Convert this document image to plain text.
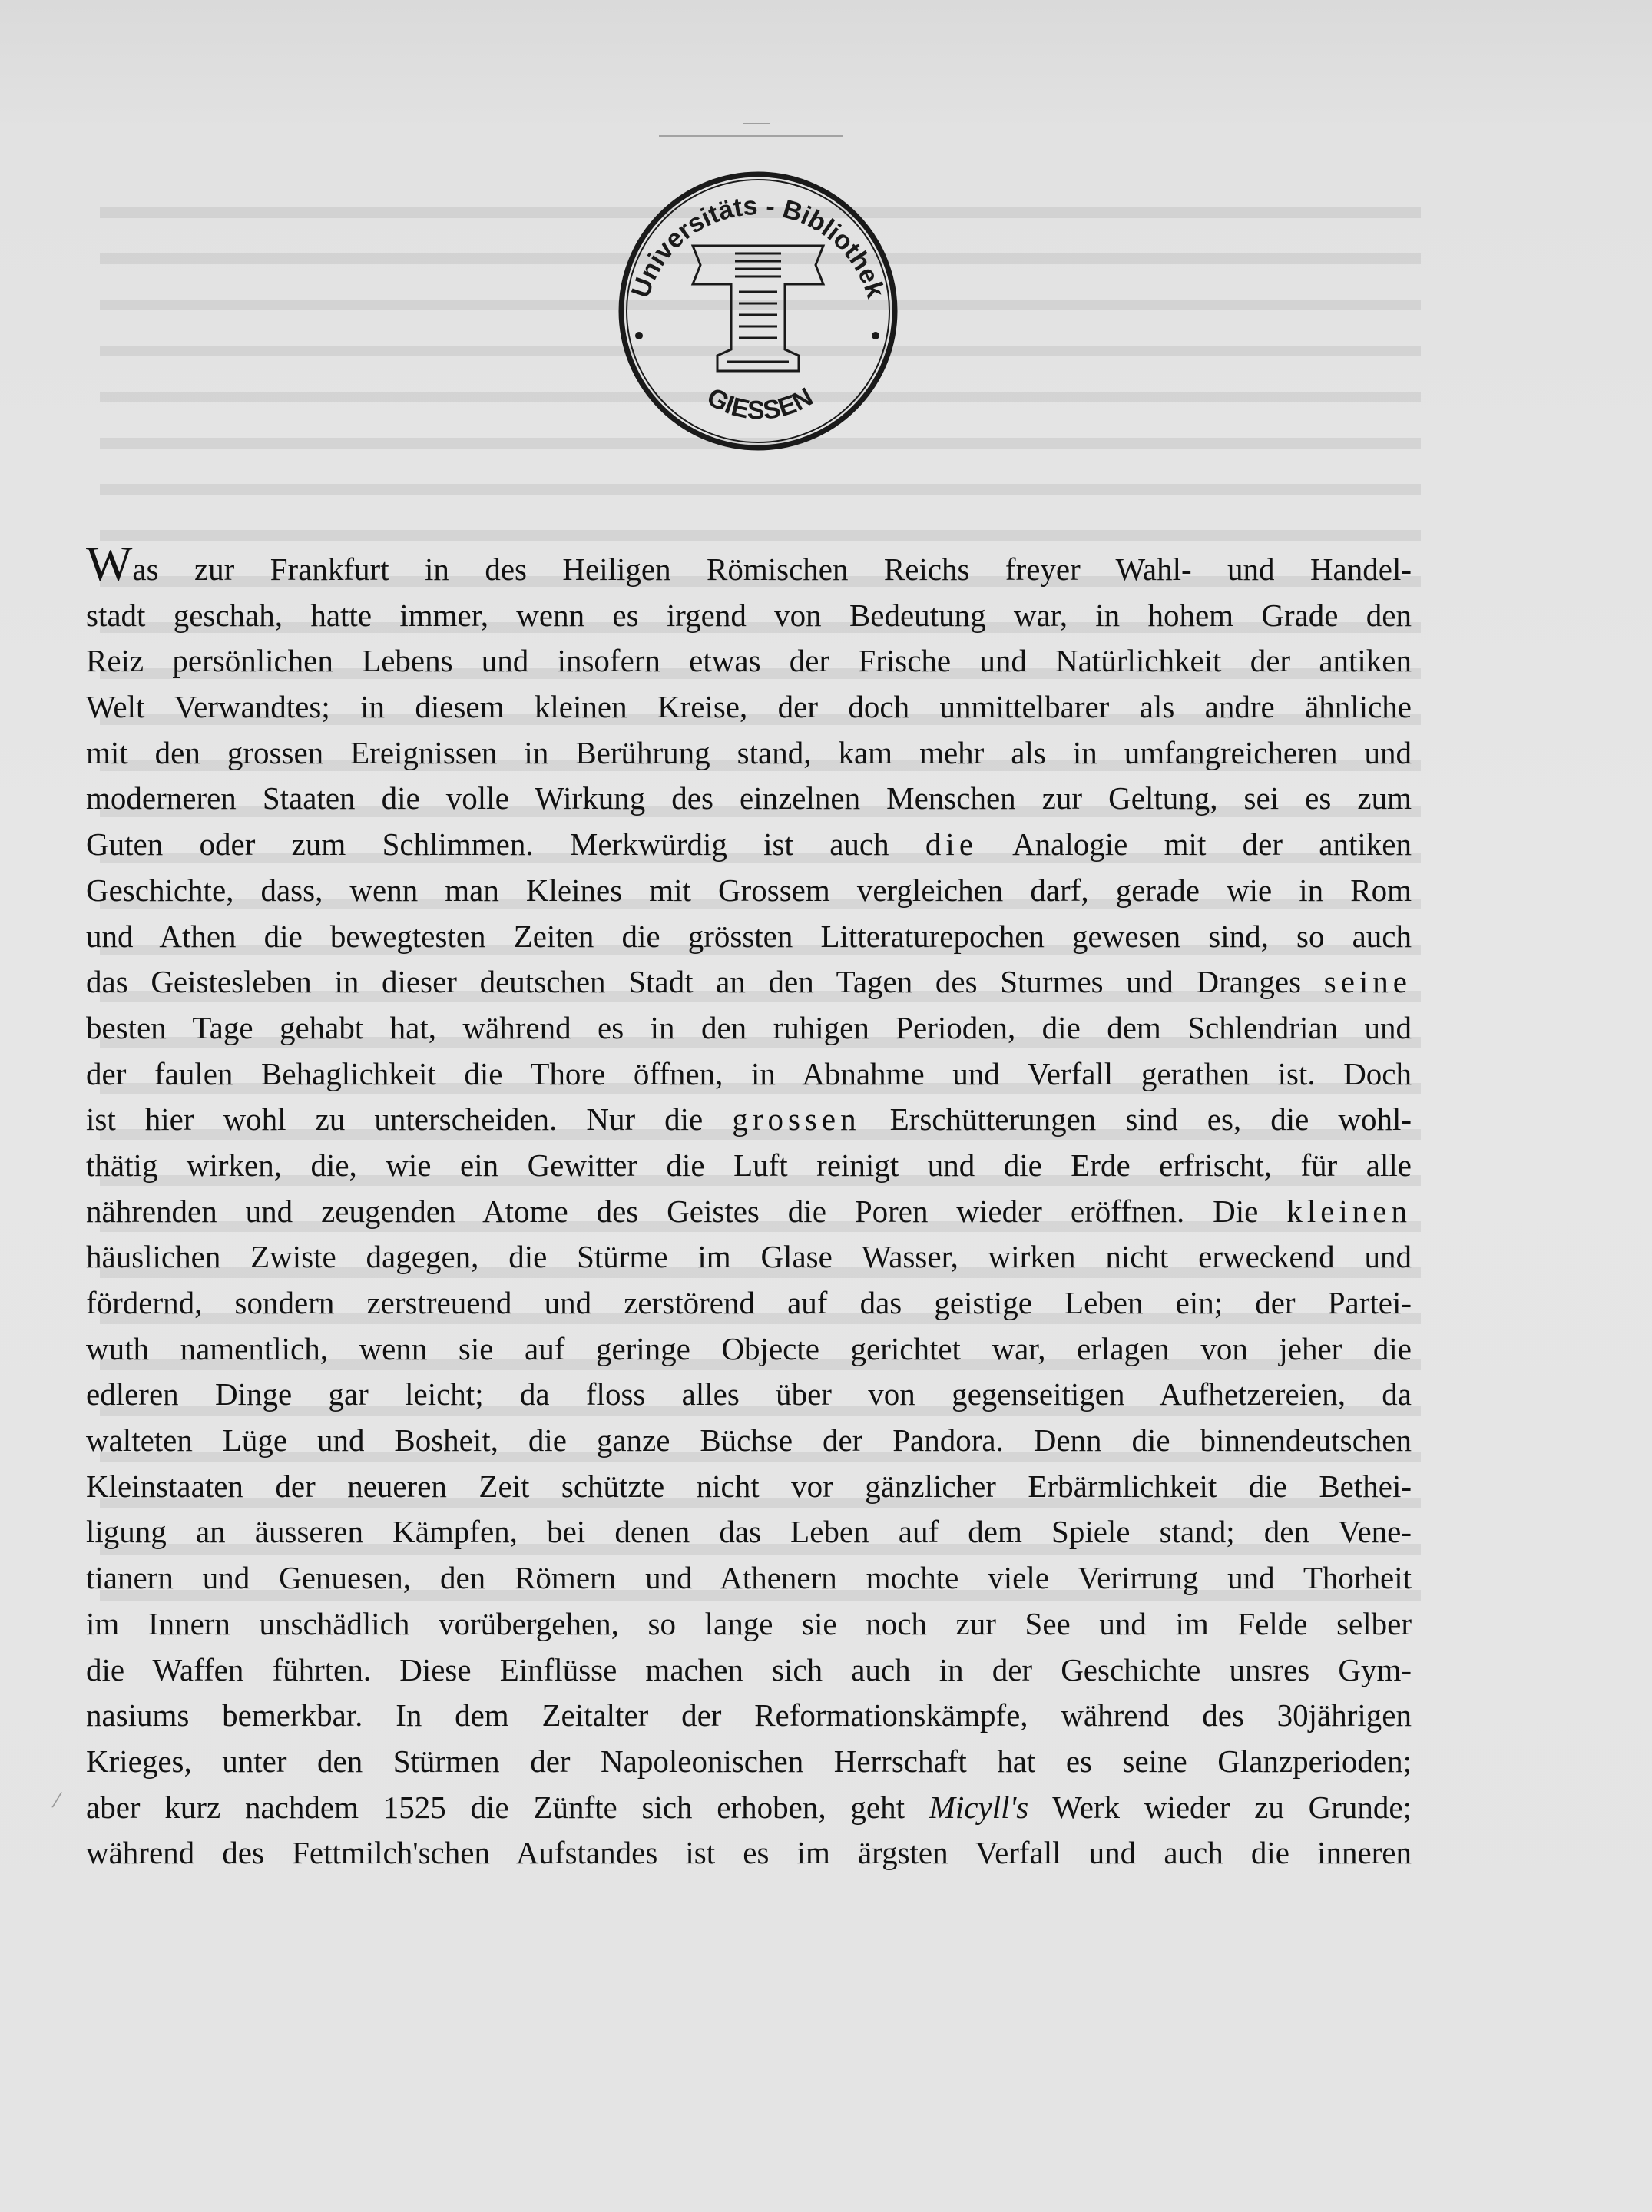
—
Universitäts - Bibliothek
GIESSEN
Was zur Frankfurt in des Heiligen Römischen Reichs freyer Wahl- und Handel-
stadt geschah, hatte immer, wenn es irgend von Bedeutung war, in hohem Grade den
Reiz persönlichen Lebens und insofern etwas der Frische und Natürlichkeit der antiken
Welt Verwandtes; in diesem kleinen Kreise, der doch unmittelbarer als andre ähnliche
mit den grossen Ereignissen in Berührung stand, kam mehr als in umfangreicheren und
moderneren Staaten die volle Wirkung des einzelnen Menschen zur Geltung, sei es zum
Guten oder zum Schlimmen. Merkwürdig ist auch die Analogie mit der antiken
Geschichte, dass, wenn man Kleines mit Grossem vergleichen darf, gerade wie in Rom
und Athen die bewegtesten Zeiten die grössten Litteraturepochen gewesen sind, so auch
das Geistesleben in dieser deutschen Stadt an den Tagen des Sturmes und Dranges seine
besten Tage gehabt hat, während es in den ruhigen Perioden, die dem Schlendrian und
der faulen Behaglichkeit die Thore öffnen, in Abnahme und Verfall gerathen ist. Doch
ist hier wohl zu unterscheiden. Nur die grossen Erschütterungen sind es, die wohl-
thätig wirken, die, wie ein Gewitter die Luft reinigt und die Erde erfrischt, für alle
nährenden und zeugenden Atome des Geistes die Poren wieder eröffnen. Die kleinen
häuslichen Zwiste dagegen, die Stürme im Glase Wasser, wirken nicht erweckend und
fördernd, sondern zerstreuend und zerstörend auf das geistige Leben ein; der Partei-
wuth namentlich, wenn sie auf geringe Objecte gerichtet war, erlagen von jeher die
edleren Dinge gar leicht; da floss alles über von gegenseitigen Aufhetzereien, da
walteten Lüge und Bosheit, die ganze Büchse der Pandora. Denn die binnendeutschen
Kleinstaaten der neueren Zeit schützte nicht vor gänzlicher Erbärmlichkeit die Bethei-
ligung an äusseren Kämpfen, bei denen das Leben auf dem Spiele stand; den Vene-
tianern und Genuesen, den Römern und Athenern mochte viele Verirrung und Thorheit
im Innern unschädlich vorübergehen, so lange sie noch zur See und im Felde selber
die Waffen führten. Diese Einflüsse machen sich auch in der Geschichte unsres Gym-
nasiums bemerkbar. In dem Zeitalter der Reformationskämpfe, während des 30jährigen
Krieges, unter den Stürmen der Napoleonischen Herrschaft hat es seine Glanzperioden;
aber kurz nachdem 1525 die Zünfte sich erhoben, geht Micyll's Werk wieder zu Grunde;
während des Fettmilch'schen Aufstandes ist es im ärgsten Verfall und auch die inneren
⁄
